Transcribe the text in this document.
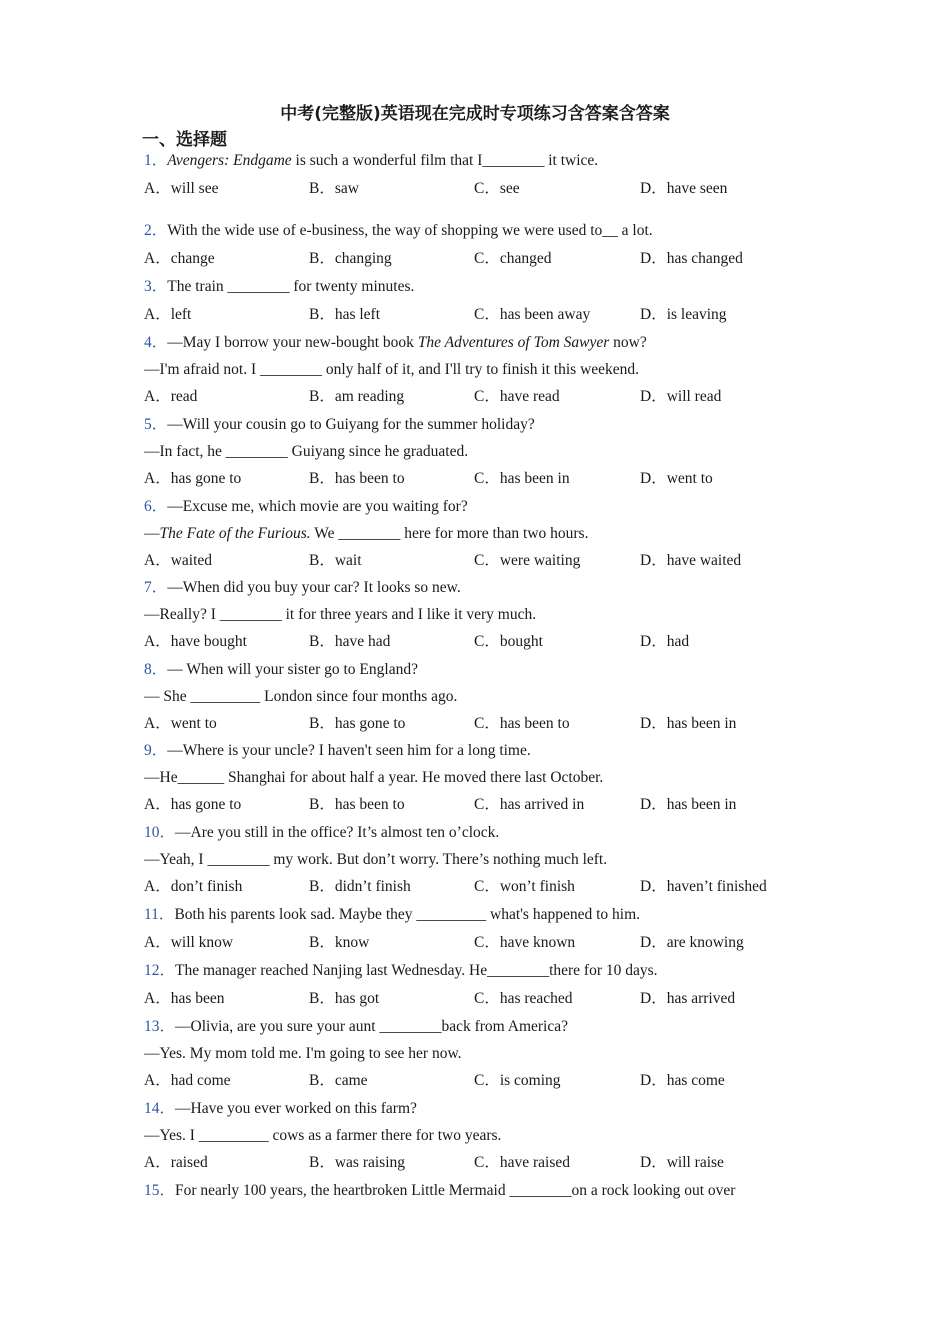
中考(完整版)英语现在完成时专项练习含答案含答案
一、选择题
1．Avengers: Endgame is such a wonderful film that I________ it twice.
A．will see	B．saw	C．see	D．have seen
2．With the wide use of e-business, the way of shopping we were used to__ a lot.
A．change	B．changing	C．changed	D．has changed
3．The train ________ for twenty minutes.
A．left	B．has left	C．has been away	D．is leaving
4．—May I borrow your new-bought book The Adventures of Tom Sawyer now?
—I'm afraid not. I ________ only half of it, and I'll try to finish it this weekend.
A．read	B．am reading	C．have read	D．will read
5．—Will your cousin go to Guiyang for the summer holiday?
—In fact, he ________ Guiyang since he graduated.
A．has gone to	B．has been to	C．has been in	D．went to
6．—Excuse me, which movie are you waiting for?
—The Fate of the Furious. We ________ here for more than two hours.
A．waited	B．wait	C．were waiting	D．have waited
7．—When did you buy your car? It looks so new.
—Really? I ________ it for three years and I like it very much.
A．have bought	B．have had	C．bought	D．had
8．— When will your sister go to England?
— She _________ London since four months ago.
A．went to	B．has gone to	C．has been to	D．has been in
9．—Where is your uncle? I haven't seen him for a long time.
—He______ Shanghai for about half a year. He moved there last October.
A．has gone to	B．has been to	C．has arrived in	D．has been in
10．—Are you still in the office? It’s almost ten o’clock.
—Yeah, I ________ my work. But don’t worry. There’s nothing much left.
A．don’t finish	B．didn’t finish	C．won’t finish	D．haven’t finished
11．Both his parents look sad. Maybe they _________ what's happened to him.
A．will know	B．know	C．have known	D．are knowing
12．The manager reached Nanjing last Wednesday. He________there for 10 days.
A．has been	B．has got	C．has reached	D．has arrived
13．—Olivia, are you sure your aunt ________back from America?
—Yes. My mom told me. I'm going to see her now.
A．had come	B．came	C．is coming	D．has come
14．—Have you ever worked on this farm?
—Yes. I _________ cows as a farmer there for two years.
A．raised	B．was raising	C．have raised	D．will raise
15．For nearly 100 years, the heartbroken Little Mermaid ________on a rock looking out over
